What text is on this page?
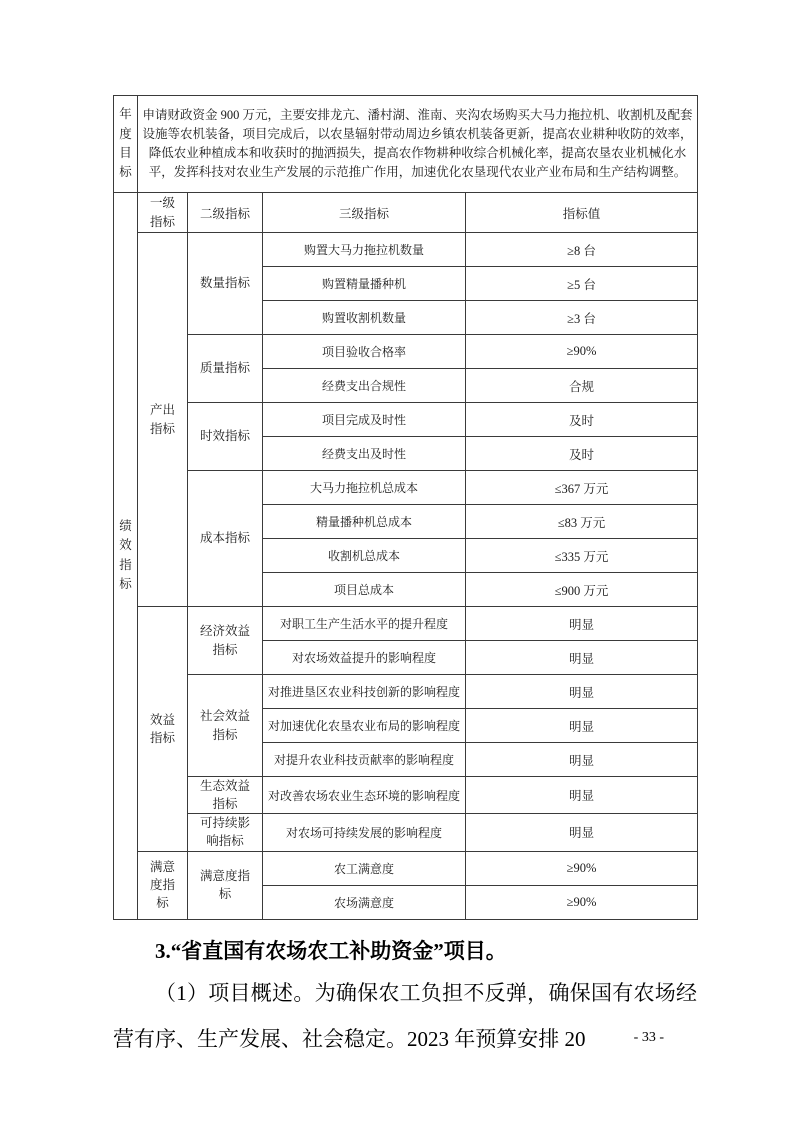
年度目标	申请财政资金 900 万元，主要安排龙亢、潘村湖、淮南、夹沟农场购买大马力拖拉机、收割机及配套设施等农机装备，项目完成后，以农垦辐射带动周边乡镇农机装备更新，提高农业耕种收防的效率，降低农业种植成本和收获时的抛洒损失，提高农作物耕种收综合机械化率，提高农垦农业机械化水平，发挥科技对农业生产发展的示范推广作用，加速优化农垦现代农业产业布局和生产结构调整。			

绩效指标	一级指标	二级指标	三级指标	指标值

	产出指标	数量指标	购置大马力拖拉机数量	≥8 台
			购置精量播种机	≥5 台
			购置收割机数量	≥3 台

		质量指标	项目验收合格率	≥90%
			经费支出合规性	合规

		时效指标	项目完成及时性	及时
			经费支出及时性	及时

		成本指标	大马力拖拉机总成本	≤367 万元
			精量播种机总成本	≤83 万元
			收割机总成本	≤335 万元
			项目总成本	≤900 万元

	效益指标	经济效益指标	对职工生产生活水平的提升程度	明显
			对农场效益提升的影响程度	明显

		社会效益指标	对推进垦区农业科技创新的影响程度	明显
			对加速优化农垦农业布局的影响程度	明显
			对提升农业科技贡献率的影响程度	明显

		生态效益指标	对改善农场农业生态环境的影响程度	明显

		可持续影响指标	对农场可持续发展的影响程度	明显

	满意度指标	满意度指标	农工满意度	≥90%
			农场满意度	≥90%
3.“省直国有农场农工补助资金”项目。
（1）项目概述。为确保农工负担不反弹，确保国有农场经营有序、生产发展、社会稳定。2023 年预算安排 20	- 33 -
